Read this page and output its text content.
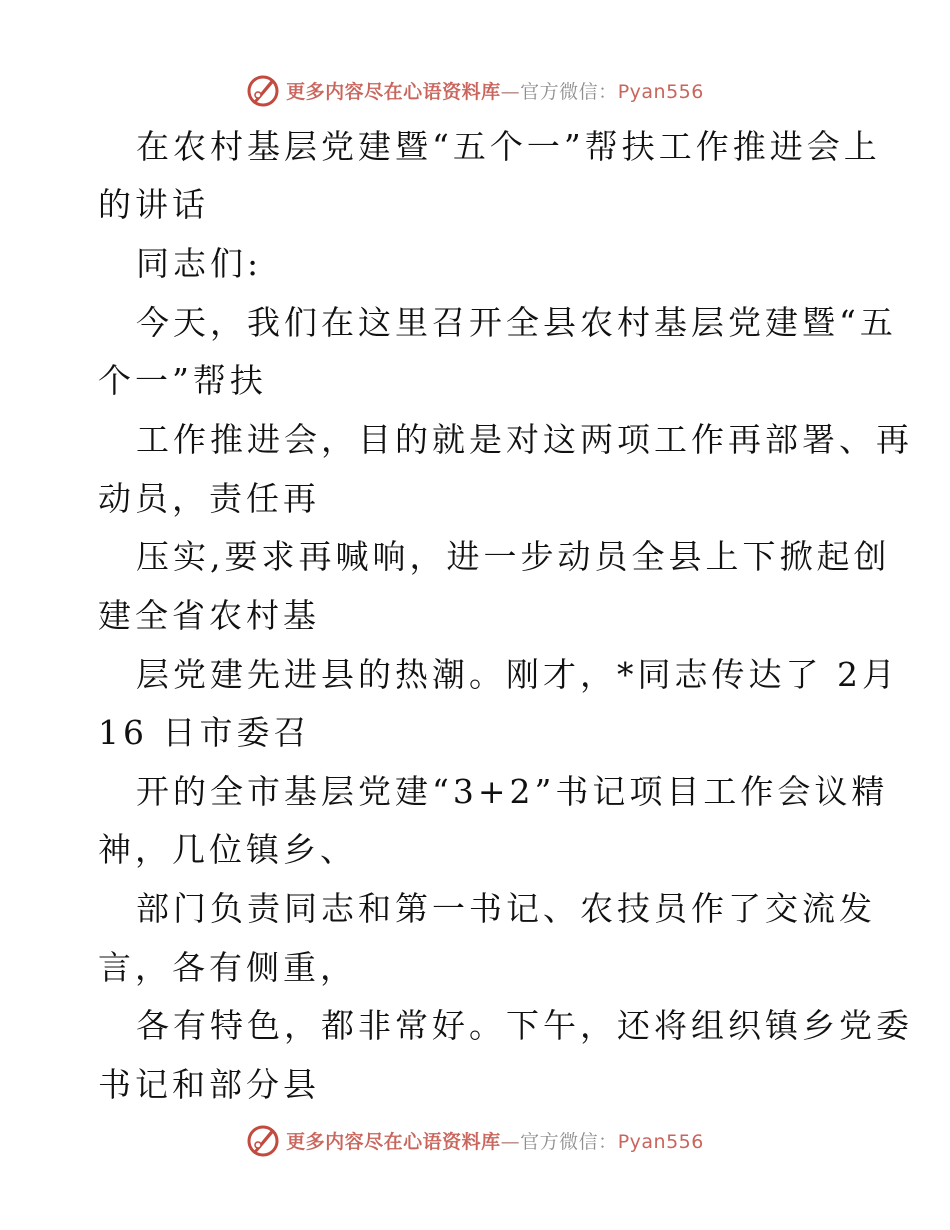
更多内容尽在心语资料库—官方微信：Pyan556
在农村基层党建暨“五个一”帮扶工作推进会上
的讲话
同志们:
今天，我们在这里召开全县农村基层党建暨“五
个一”帮扶
工作推进会，目的就是对这两项工作再部署、再
动员，责任再
压实,要求再喊响，进一步动员全县上下掀起创
建全省农村基
层党建先进县的热潮。刚才，*同志传达了 2月
16 日市委召
开的全市基层党建“3+2”书记项目工作会议精
神，几位镇乡、
部门负责同志和第一书记、农技员作了交流发
言，各有侧重，
各有特色，都非常好。下午，还将组织镇乡党委
书记和部分县
更多内容尽在心语资料库—官方微信：Pyan556
